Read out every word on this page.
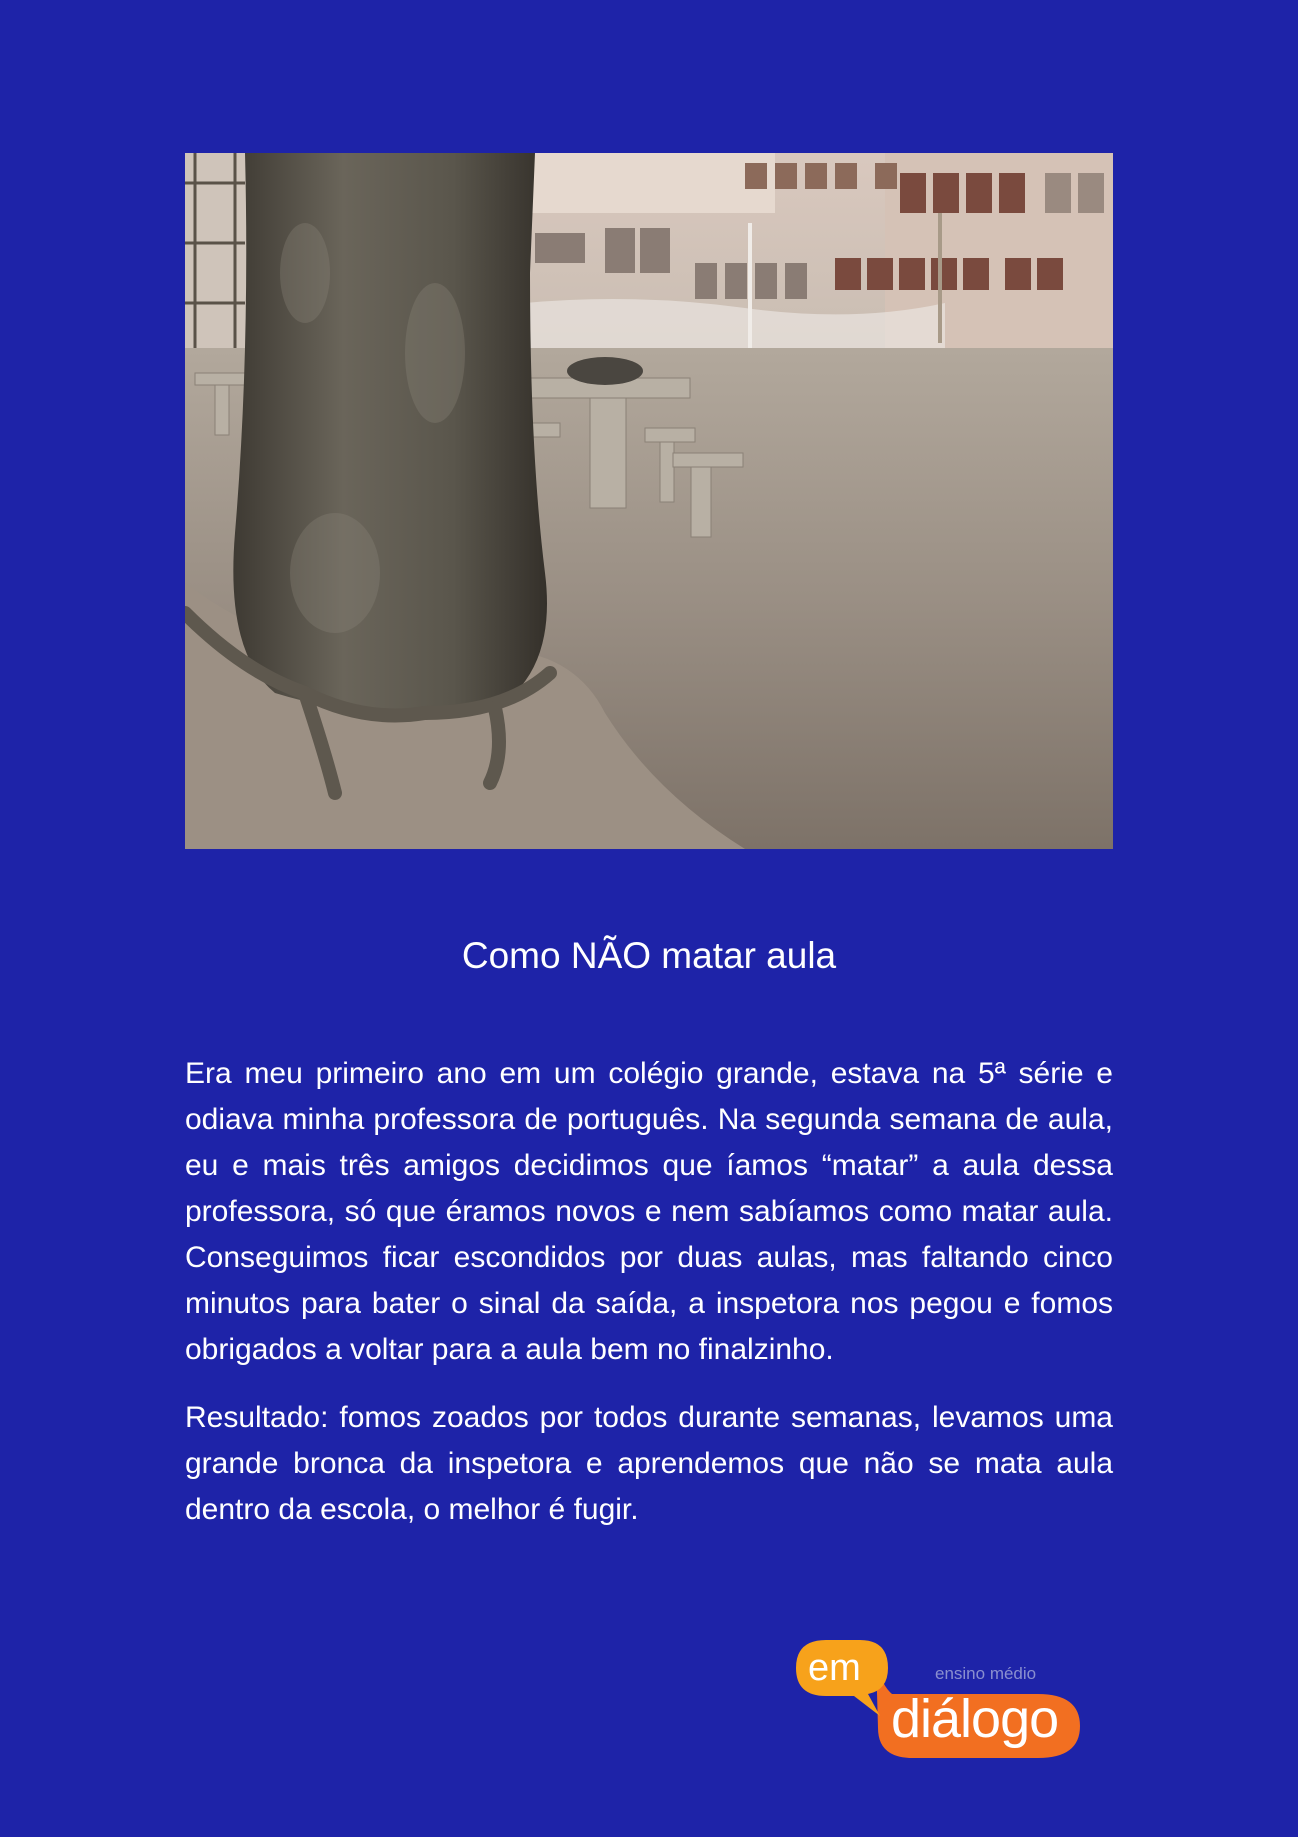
Como NÃO matar aula

Era meu primeiro ano em um colégio grande, estava na 5ª série e odiava minha professora de português. Na segunda semana de aula, eu e mais três amigos decidimos que íamos “matar” a aula dessa professora, só que éramos novos e nem sabíamos como matar aula. Conseguimos ficar escondidos por duas aulas, mas faltando cinco minutos para bater o sinal da saída, a inspetora nos pegou e fomos obrigados a voltar para a aula bem no finalzinho.

Resultado: fomos zoados por todos durante semanas, levamos uma grande bronca da inspetora e aprendemos que não se mata aula dentro da escola, o melhor é fugir.

em	ensino médio
diálogo
